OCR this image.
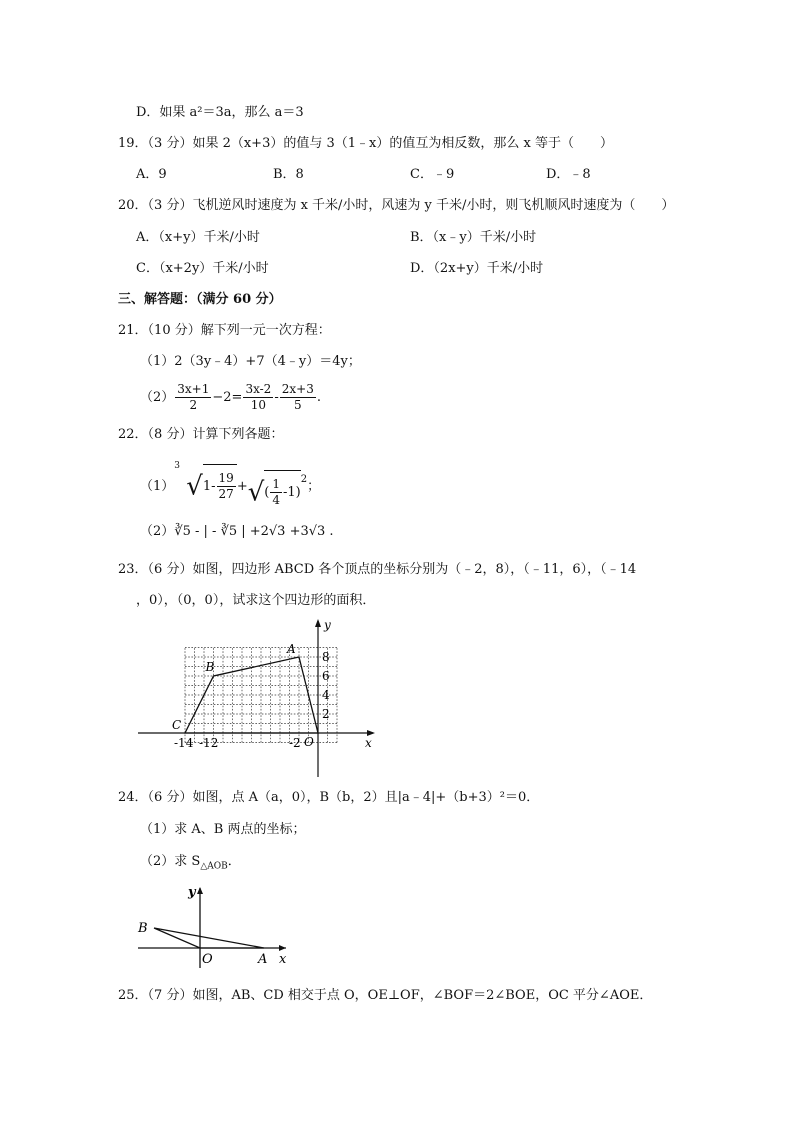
D．如果 a²＝3a，那么 a＝3
19．（3 分）如果 2（x+3）的值与 3（1﹣x）的值互为相反数，那么 x 等于（　　）
A．9	B．8	C．﹣9	D．﹣8
20．（3 分）飞机逆风时速度为 x 千米/小时，风速为 y 千米/小时，则飞机顺风时速度为（　　）
A．（x+y）千米/小时	B．（x﹣y）千米/小时
C．（x+2y）千米/小时	D．（2x+y）千米/小时
三、解答题：（满分 60 分）
21．（10 分）解下列一元一次方程：
（1）2（3y﹣4）+7（4﹣y）＝4y；
$(2) \frac{3x+1}{2} -2= \frac{3x-2}{10} - \frac{2x+3}{5}$ .
22．（8 分）计算下列各题：
（1）
3
$√1- \frac{19}{27}$ +√( $\frac{1}{4} -1)^2$；
（2）∛5 - | - ∛5 | +2√3 +3√3 .
23．（6 分）如图，四边形 ABCD 各个顶点的坐标分别为（﹣2，8），（﹣11，6），（﹣14
，0），（0，0），试求这个四边形的面积．
A
B
C
O
-14 -12	-2
8
6
4
2
x
y
24．（6 分）如图，点 A（a，0），B（b，2）且|a﹣4|+（b+3）²＝0．
（1）求 A、B 两点的坐标；
（2）求 $S_{\triangle AOB}$．
y
x
B
O	A
25．（7 分）如图，AB、CD 相交于点 O，OE⊥OF，∠BOF＝2∠BOE，OC 平分∠AOE．
